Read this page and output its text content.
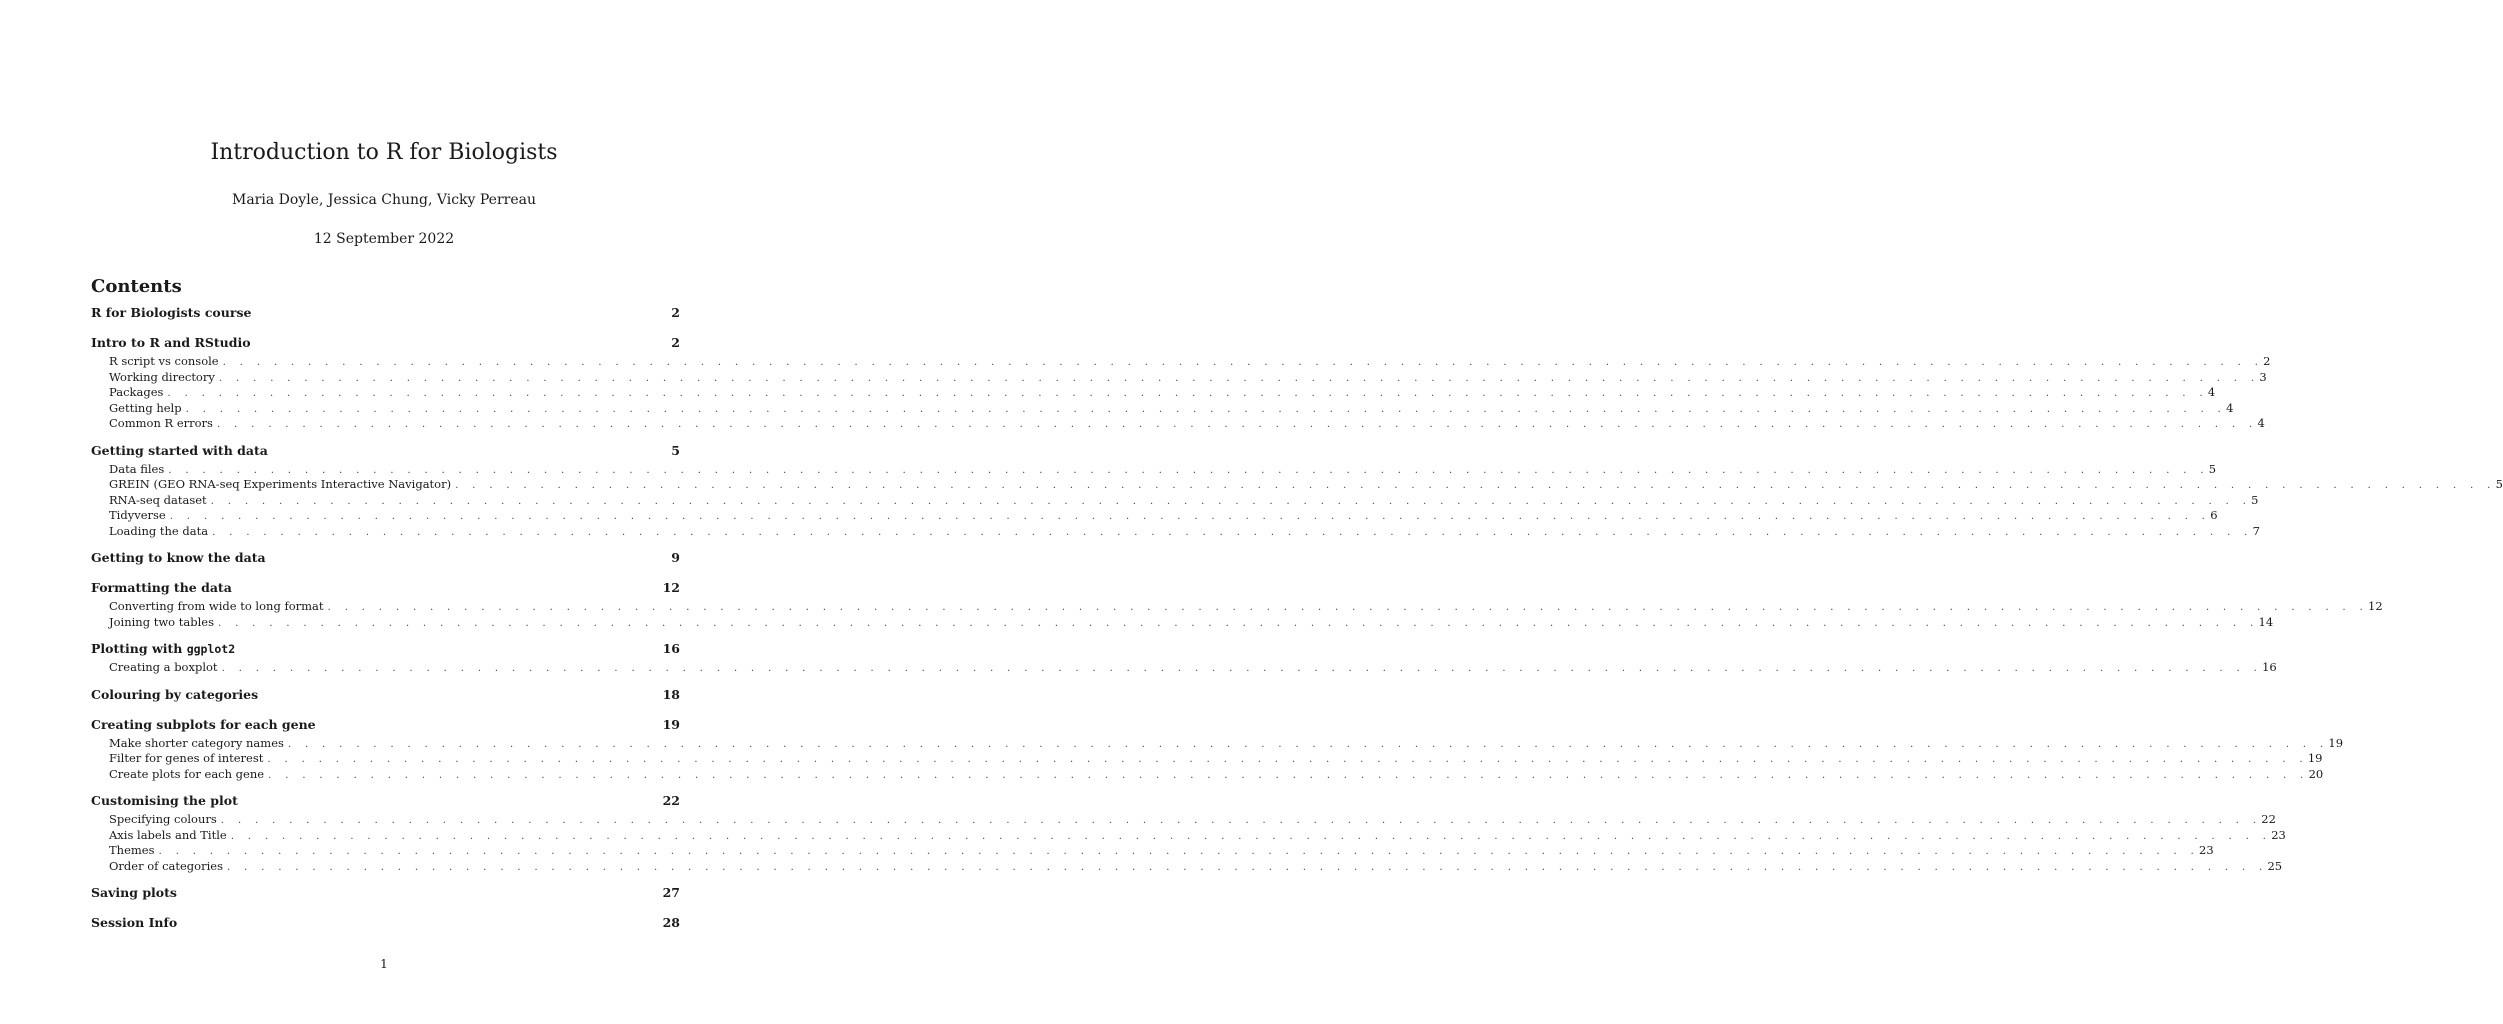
Introduction to R for Biologists
Maria Doyle, Jessica Chung, Vicky Perreau
12 September 2022
Contents
R for Biologists course	2
Intro to R and RStudio	2
R script vs console . . . . . . . . . . . . . . . . . . . . . . . . . . . . . . . . . . . . . . . . . . . . . . . . . . . . . . . . . . . . . . . . . . . . . . . . . . . . . . . . . . . . . . . . . . . . . . . . . . . . . . . . . . . . . . . . . . . . . . . . 2
Working directory . . . . . . . . . . . . . . . . . . . . . . . . . . . . . . . . . . . . . . . . . . . . . . . . . . . . . . . . . . . . . . . . . . . . . . . . . . . . . . . . . . . . . . . . . . . . . . . . . . . . . . . . . . . . . . . . . . . . . . . . 3
Packages . . . . . . . . . . . . . . . . . . . . . . . . . . . . . . . . . . . . . . . . . . . . . . . . . . . . . . . . . . . . . . . . . . . . . . . . . . . . . . . . . . . . . . . . . . . . . . . . . . . . . . . . . . . . . . . . . . . . . . . . 4
Getting help . . . . . . . . . . . . . . . . . . . . . . . . . . . . . . . . . . . . . . . . . . . . . . . . . . . . . . . . . . . . . . . . . . . . . . . . . . . . . . . . . . . . . . . . . . . . . . . . . . . . . . . . . . . . . . . . . . . . . . . . 4
Common R errors . . . . . . . . . . . . . . . . . . . . . . . . . . . . . . . . . . . . . . . . . . . . . . . . . . . . . . . . . . . . . . . . . . . . . . . . . . . . . . . . . . . . . . . . . . . . . . . . . . . . . . . . . . . . . . . . . . . . . . . . 4
Getting started with data	5
Data files . . . . . . . . . . . . . . . . . . . . . . . . . . . . . . . . . . . . . . . . . . . . . . . . . . . . . . . . . . . . . . . . . . . . . . . . . . . . . . . . . . . . . . . . . . . . . . . . . . . . . . . . . . . . . . . . . . . . . . . . 5
GREIN (GEO RNA-seq Experiments Interactive Navigator) . . . . . . . . . . . . . . . . . . . . . . . . . . . . . . . . . . . . . . . . . . . . . . . . . . . . . . . . . . . . . . . . . . . . . . . . . . . . . . . . . . . . . . . . . . . . . . . . . . . . . . . . . . . . . . . . . . . . . . . . 5
RNA-seq dataset . . . . . . . . . . . . . . . . . . . . . . . . . . . . . . . . . . . . . . . . . . . . . . . . . . . . . . . . . . . . . . . . . . . . . . . . . . . . . . . . . . . . . . . . . . . . . . . . . . . . . . . . . . . . . . . . . . . . . . . . 5
Tidyverse . . . . . . . . . . . . . . . . . . . . . . . . . . . . . . . . . . . . . . . . . . . . . . . . . . . . . . . . . . . . . . . . . . . . . . . . . . . . . . . . . . . . . . . . . . . . . . . . . . . . . . . . . . . . . . . . . . . . . . . . 6
Loading the data . . . . . . . . . . . . . . . . . . . . . . . . . . . . . . . . . . . . . . . . . . . . . . . . . . . . . . . . . . . . . . . . . . . . . . . . . . . . . . . . . . . . . . . . . . . . . . . . . . . . . . . . . . . . . . . . . . . . . . . . 7
Getting to know the data	9
Formatting the data	12
Converting from wide to long format . . . . . . . . . . . . . . . . . . . . . . . . . . . . . . . . . . . . . . . . . . . . . . . . . . . . . . . . . . . . . . . . . . . . . . . . . . . . . . . . . . . . . . . . . . . . . . . . . . . . . . . . . . . . . . . . . . . . . . . . 12
Joining two tables . . . . . . . . . . . . . . . . . . . . . . . . . . . . . . . . . . . . . . . . . . . . . . . . . . . . . . . . . . . . . . . . . . . . . . . . . . . . . . . . . . . . . . . . . . . . . . . . . . . . . . . . . . . . . . . . . . . . . . . . 14
Plotting with ggplot2	16
Creating a boxplot . . . . . . . . . . . . . . . . . . . . . . . . . . . . . . . . . . . . . . . . . . . . . . . . . . . . . . . . . . . . . . . . . . . . . . . . . . . . . . . . . . . . . . . . . . . . . . . . . . . . . . . . . . . . . . . . . . . . . . . . 16
Colouring by categories	18
Creating subplots for each gene	19
Make shorter category names . . . . . . . . . . . . . . . . . . . . . . . . . . . . . . . . . . . . . . . . . . . . . . . . . . . . . . . . . . . . . . . . . . . . . . . . . . . . . . . . . . . . . . . . . . . . . . . . . . . . . . . . . . . . . . . . . . . . . . . . 19
Filter for genes of interest . . . . . . . . . . . . . . . . . . . . . . . . . . . . . . . . . . . . . . . . . . . . . . . . . . . . . . . . . . . . . . . . . . . . . . . . . . . . . . . . . . . . . . . . . . . . . . . . . . . . . . . . . . . . . . . . . . . . . . . . 19
Create plots for each gene . . . . . . . . . . . . . . . . . . . . . . . . . . . . . . . . . . . . . . . . . . . . . . . . . . . . . . . . . . . . . . . . . . . . . . . . . . . . . . . . . . . . . . . . . . . . . . . . . . . . . . . . . . . . . . . . . . . . . . . . 20
Customising the plot	22
Specifying colours . . . . . . . . . . . . . . . . . . . . . . . . . . . . . . . . . . . . . . . . . . . . . . . . . . . . . . . . . . . . . . . . . . . . . . . . . . . . . . . . . . . . . . . . . . . . . . . . . . . . . . . . . . . . . . . . . . . . . . . . 22
Axis labels and Title . . . . . . . . . . . . . . . . . . . . . . . . . . . . . . . . . . . . . . . . . . . . . . . . . . . . . . . . . . . . . . . . . . . . . . . . . . . . . . . . . . . . . . . . . . . . . . . . . . . . . . . . . . . . . . . . . . . . . . . . 23
Themes . . . . . . . . . . . . . . . . . . . . . . . . . . . . . . . . . . . . . . . . . . . . . . . . . . . . . . . . . . . . . . . . . . . . . . . . . . . . . . . . . . . . . . . . . . . . . . . . . . . . . . . . . . . . . . . . . . . . . . . . 23
Order of categories . . . . . . . . . . . . . . . . . . . . . . . . . . . . . . . . . . . . . . . . . . . . . . . . . . . . . . . . . . . . . . . . . . . . . . . . . . . . . . . . . . . . . . . . . . . . . . . . . . . . . . . . . . . . . . . . . . . . . . . . 25
Saving plots	27
Session Info	28
1
